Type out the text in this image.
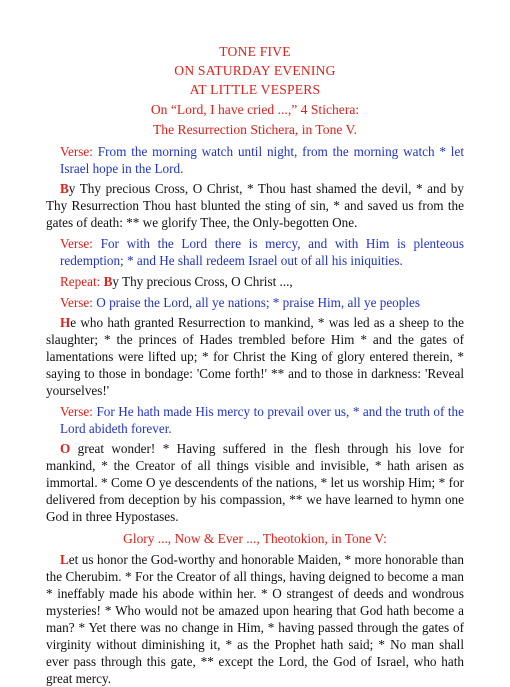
TONE FIVE
ON SATURDAY EVENING
AT LITTLE VESPERS
On “Lord, I have cried ...,” 4 Stichera:
The Resurrection Stichera, in Tone V.
Verse: From the morning watch until night, from the morning watch * let Israel hope in the Lord.
By Thy precious Cross, O Christ, * Thou hast shamed the devil, * and by Thy Resurrection Thou hast blunted the sting of sin, * and saved us from the gates of death: ** we glorify Thee, the Only-begotten One.
Verse: For with the Lord there is mercy, and with Him is plenteous redemption; * and He shall redeem Israel out of all his iniquities.
Repeat: By Thy precious Cross, O Christ ...,
Verse: O praise the Lord, all ye nations; * praise Him, all ye peoples
He who hath granted Resurrection to mankind, * was led as a sheep to the slaughter; * the princes of Hades trembled before Him * and the gates of lamentations were lifted up; * for Christ the King of glory entered therein, * saying to those in bondage: 'Come forth!' ** and to those in darkness: 'Reveal yourselves!'
Verse: For He hath made His mercy to prevail over us, * and the truth of the Lord abideth forever.
O great wonder! * Having suffered in the flesh through his love for mankind, * the Creator of all things visible and invisible, * hath arisen as immortal. * Come O ye descendents of the nations, * let us worship Him; * for delivered from deception by his compassion, ** we have learned to hymn one God in three Hypostases.
Glory ..., Now & Ever ..., Theotokion, in Tone V:
Let us honor the God-worthy and honorable Maiden, * more honorable than the Cherubim. * For the Creator of all things, having deigned to become a man * ineffably made his abode within her. * O strangest of deeds and wondrous mysteries! * Who would not be amazed upon hearing that God hath become a man? * Yet there was no change in Him, * having passed through the gates of virginity without diminishing it, * as the Prophet hath said; * No man shall ever pass through this gate, ** except the Lord, the God of Israel, who hath great mercy.
